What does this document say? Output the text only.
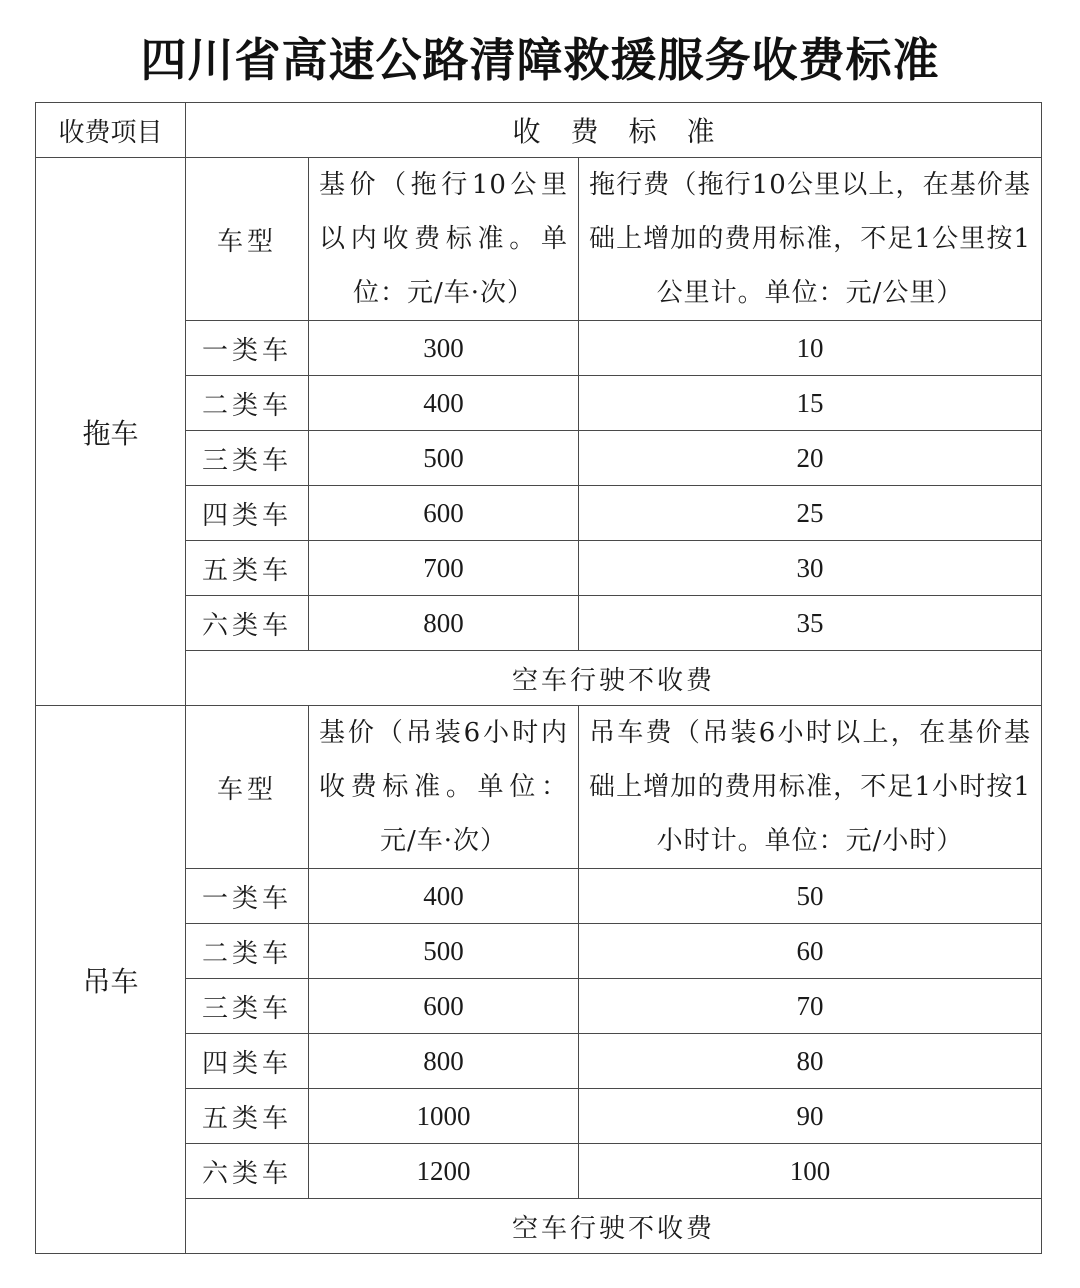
四川省高速公路清障救援服务收费标准
收费项目	收费标准		
拖车	车型	基价（拖行10公里以内收费标准。单位：元/车·次）	拖行费（拖行10公里以上，在基价基础上增加的费用标准，不足1公里按1公里计。单位：元/公里）
	一类车	300	10
	二类车	400	15
	三类车	500	20
	四类车	600	25
	五类车	700	30
	六类车	800	35
	空车行驶不收费		
吊车	车型	基价（吊装6小时内收费标准。单位：元/车·次）	吊车费（吊装6小时以上，在基价基础上增加的费用标准，不足1小时按1小时计。单位：元/小时）
	一类车	400	50
	二类车	500	60
	三类车	600	70
	四类车	800	80
	五类车	1000	90
	六类车	1200	100
	空车行驶不收费		
